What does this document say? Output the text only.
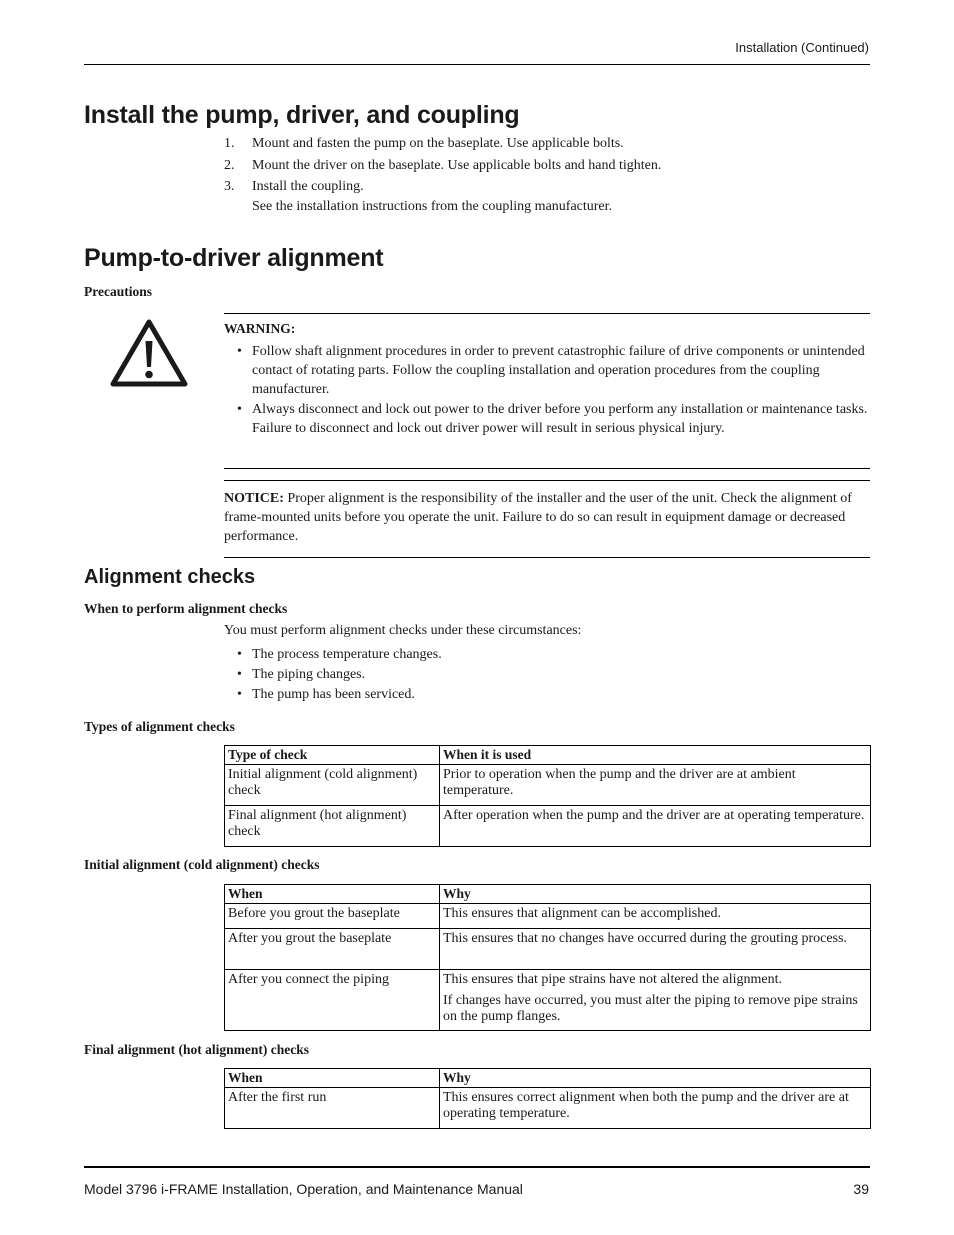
Installation (Continued)
Install the pump, driver, and coupling
1. Mount and fasten the pump on the baseplate. Use applicable bolts.
2. Mount the driver on the baseplate. Use applicable bolts and hand tighten.
3. Install the coupling.
See the installation instructions from the coupling manufacturer.
Pump-to-driver alignment
Precautions

WARNING:

• Follow shaft alignment procedures in order to prevent catastrophic failure of drive components or unintended contact of rotating parts. Follow the coupling installation and operation procedures from the coupling manufacturer.
• Always disconnect and lock out power to the driver before you perform any installation or maintenance tasks. Failure to disconnect and lock out driver power will result in serious physical injury.
NOTICE: Proper alignment is the responsibility of the installer and the user of the unit. Check the alignment of frame-mounted units before you operate the unit. Failure to do so can result in equipment damage or decreased performance.
Alignment checks
When to perform alignment checks
You must perform alignment checks under these circumstances:
• The process temperature changes.
• The piping changes.
• The pump has been serviced.
Types of alignment checks
Type of check	When it is used
Initial alignment (cold alignment) check	Prior to operation when the pump and the driver are at ambient temperature.
Final alignment (hot alignment) check	After operation when the pump and the driver are at operating temperature.
Initial alignment (cold alignment) checks
When	Why
Before you grout the baseplate	This ensures that alignment can be accomplished.
After you grout the baseplate	This ensures that no changes have occurred during the grouting process.
After you connect the piping	This ensures that pipe strains have not altered the alignment.

If changes have occurred, you must alter the piping to remove pipe strains on the pump flanges.

Final alignment (hot alignment) checks
When	Why
After the first run	This ensures correct alignment when both the pump and the driver are at operating temperature.
Model 3796 i-FRAME Installation, Operation, and Maintenance Manual	39
